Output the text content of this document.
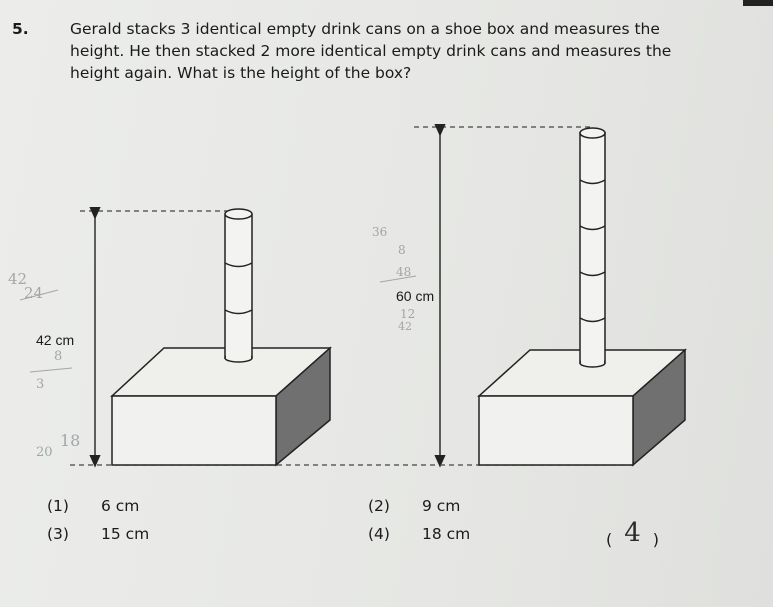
5.	Gerald stacks 3 identical empty drink cans on a shoe box and measures the
height. He then stacked 2 more identical empty drink cans and measures the
height again. What is the height of the box?
42 cm
60 cm
42
24
8
3
20
18
36
8
48
12
42
(1) 6 cm	(2) 9 cm
(3) 15 cm	(4) 18 cm	( 4 )
